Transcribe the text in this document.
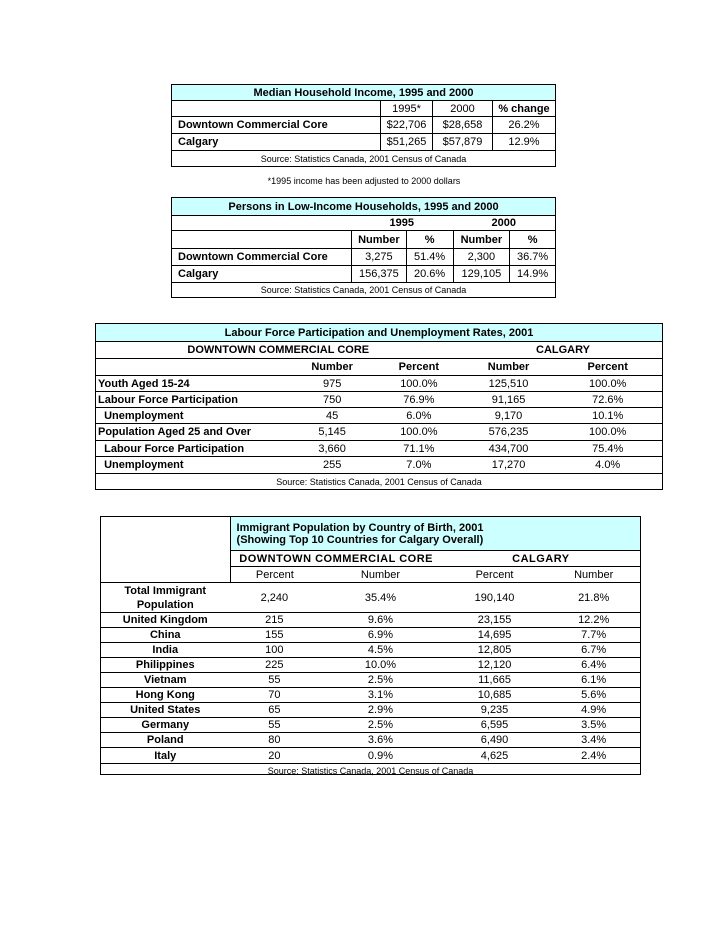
Median Household Income, 1995 and 2000
1995*	2000	% change
Downtown Commercial Core	$22,706	$28,658	26.2%
Calgary	$51,265	$57,879	12.9%
Source: Statistics Canada, 2001 Census of Canada
*1995 income has been adjusted to 2000 dollars
Persons in Low-Income Households, 1995 and 2000
1995	2000
Number	%	Number	%
Downtown Commercial Core	3,275	51.4%	2,300	36.7%
Calgary	156,375	20.6%	129,105	14.9%
Source: Statistics Canada, 2001 Census of Canada
Labour Force Participation and Unemployment Rates, 2001
DOWNTOWN COMMERCIAL CORE	CALGARY
Number	Percent	Number	Percent
Youth Aged 15-24	975	100.0%	125,510	100.0%
Labour Force Participation	750	76.9%	91,165	72.6%
Unemployment	45	6.0%	9,170	10.1%
Population Aged 25 and Over	5,145	100.0%	576,235	100.0%
Labour Force Participation	3,660	71.1%	434,700	75.4%
Unemployment	255	7.0%	17,270	4.0%
Source: Statistics Canada, 2001 Census of Canada
Immigrant Population by Country of Birth, 2001
(Showing Top 10 Countries for Calgary Overall)
DOWNTOWN COMMERCIAL CORE	CALGARY
Percent	Number	Percent	Number
Total Immigrant
Population
2,240	35.4%	190,140	21.8%
United Kingdom	215	9.6%	23,155	12.2%
China	155	6.9%	14,695	7.7%
India	100	4.5%	12,805	6.7%
Philippines	225	10.0%	12,120	6.4%
Vietnam	55	2.5%	11,665	6.1%
Hong Kong	70	3.1%	10,685	5.6%
United States	65	2.9%	9,235	4.9%
Germany	55	2.5%	6,595	3.5%
Poland	80	3.6%	6,490	3.4%
Italy	20	0.9%	4,625	2.4%
Source: Statistics Canada, 2001 Census of Canada
